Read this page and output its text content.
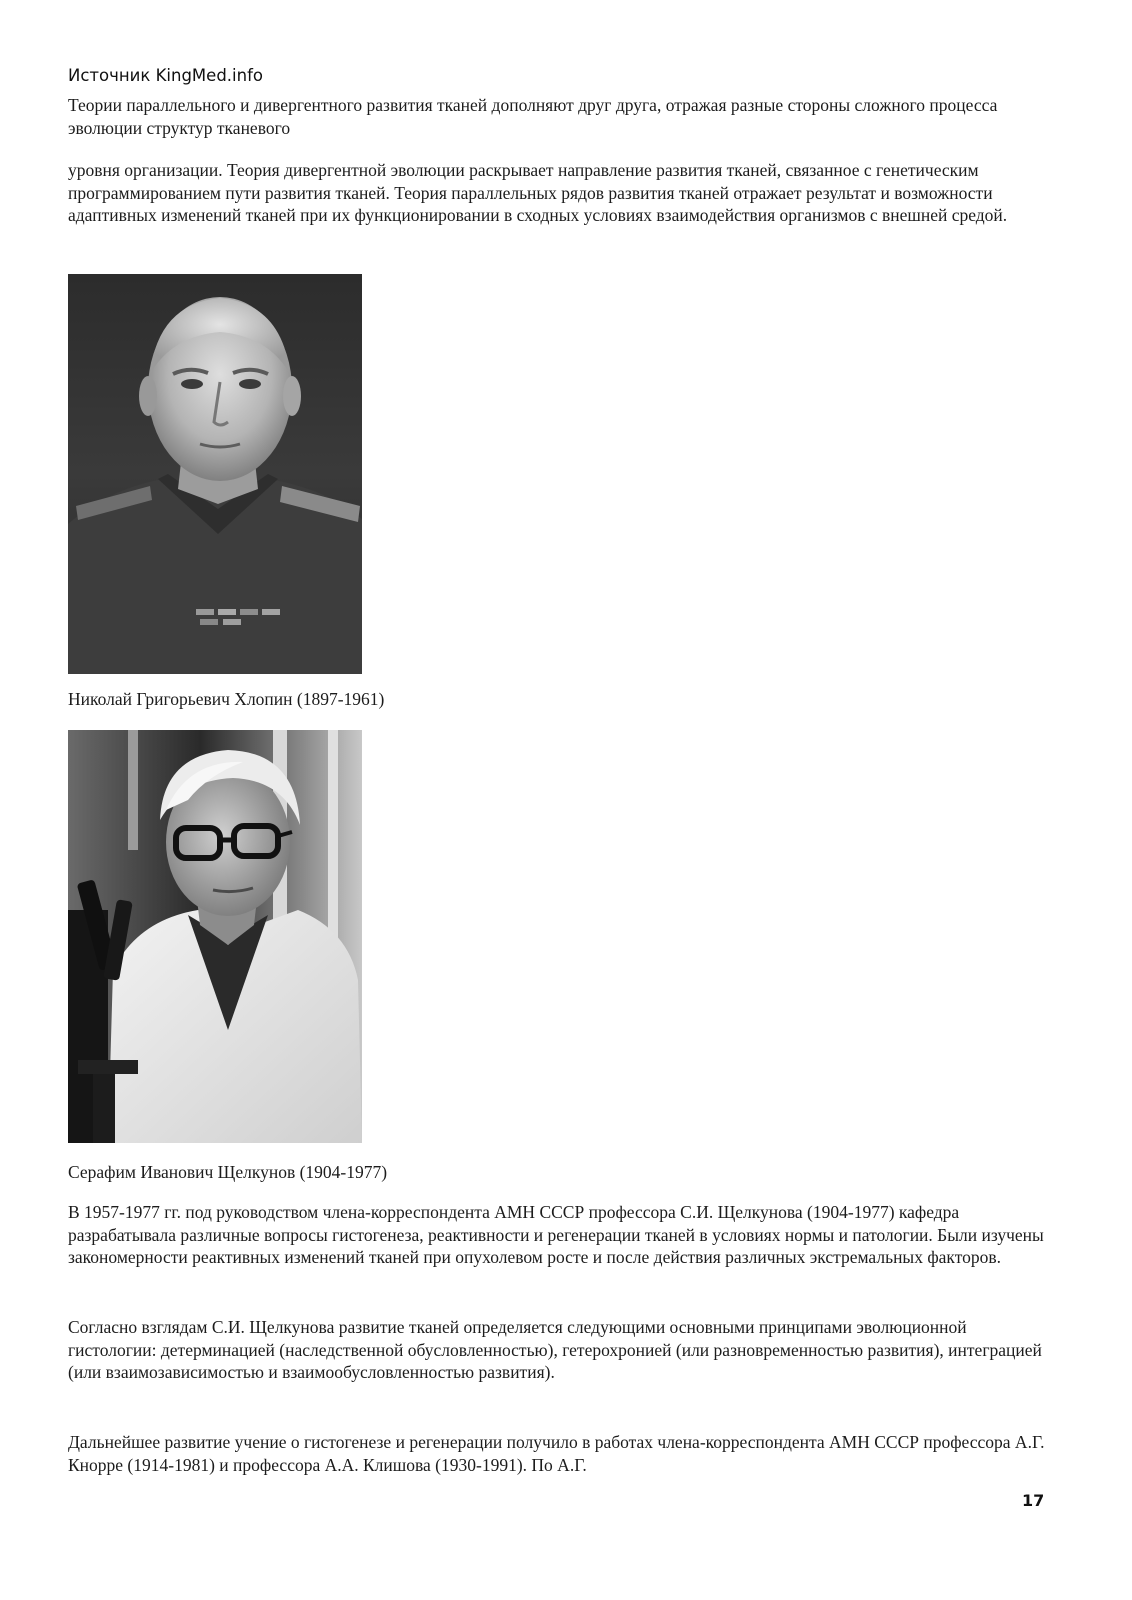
Источник KingMed.info

Теории параллельного и дивергентного развития тканей дополняют друг друга, отражая разные стороны сложного процесса эволюции структур тканевого

уровня организации. Теория дивергентной эволюции раскрывает направление развития тканей, связанное с генетическим программированием пути развития тканей. Теория параллельных рядов развития тканей отражает результат и возможности адаптивных изменений тканей при их функционировании в сходных условиях взаимодействия организмов с внешней средой.

Николай Григорьевич Хлопин (1897-1961)
Серафим Иванович Щелкунов (1904-1977)

В 1957-1977 гг. под руководством члена-корреспондента АМН СССР профессора С.И. Щелкунова (1904-1977) кафедра разрабатывала различные вопросы гистогенеза, реактивности и регенерации тканей в условиях нормы и патологии. Были изучены закономерности реактивных изменений тканей при опухолевом росте и после действия различных экстремальных факторов.

Согласно взглядам С.И. Щелкунова развитие тканей определяется следующими основными принципами эволюционной гистологии: детерминацией (наследственной обусловленностью), гетерохронией (или разновременностью развития), интеграцией (или взаимозависимостью и взаимообусловленностью развития).

Дальнейшее развитие учение о гистогенезе и регенерации получило в работах члена-корреспондента АМН СССР профессора А.Г. Кнорре (1914-1981) и профессора А.А. Клишова (1930-1991). По А.Г.

17
